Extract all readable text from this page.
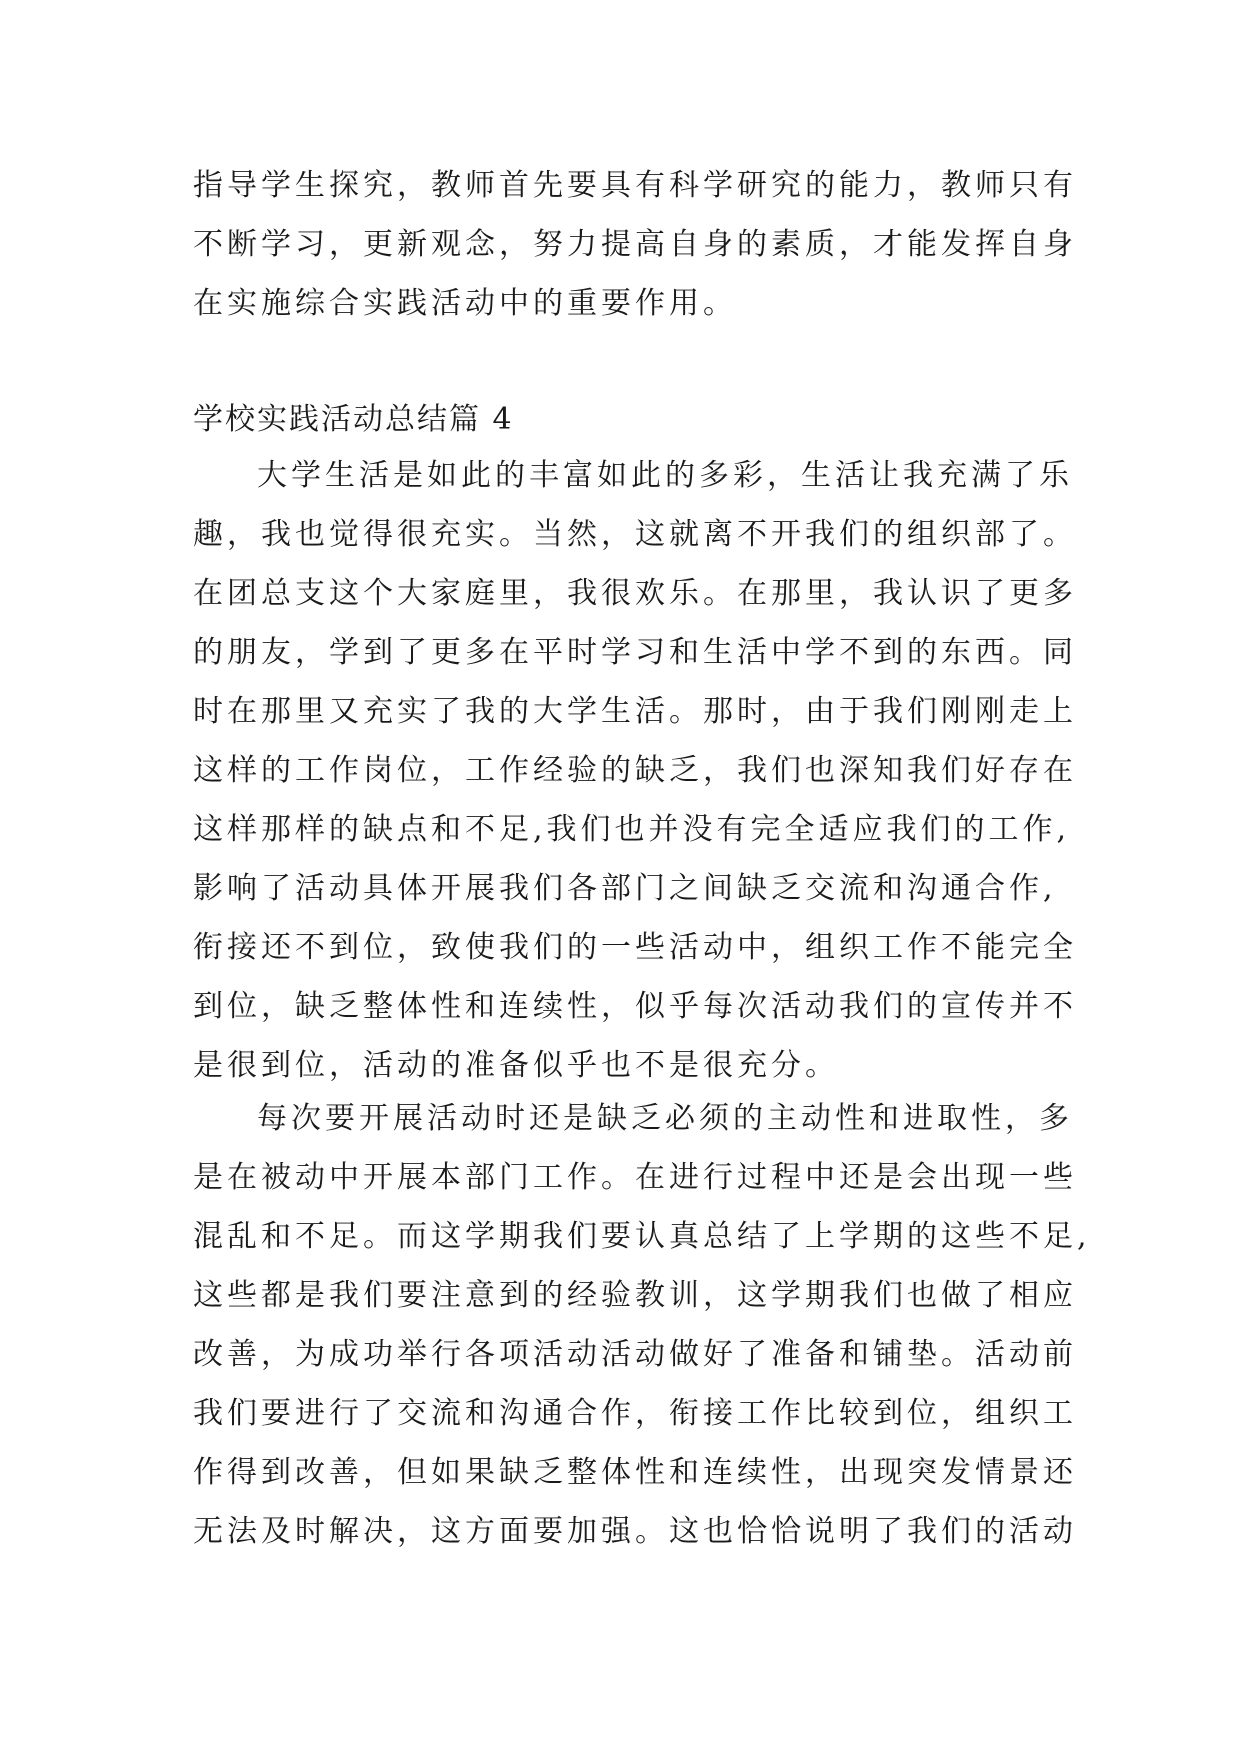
指导学生探究，教师首先要具有科学研究的能力，教师只有
不断学习，更新观念，努力提高自身的素质，才能发挥自身
在实施综合实践活动中的重要作用。
学校实践活动总结篇 4
大学生活是如此的丰富如此的多彩，生活让我充满了乐
趣，我也觉得很充实。当然，这就离不开我们的组织部了。
在团总支这个大家庭里，我很欢乐。在那里，我认识了更多
的朋友，学到了更多在平时学习和生活中学不到的东西。同
时在那里又充实了我的大学生活。那时，由于我们刚刚走上
这样的工作岗位，工作经验的缺乏，我们也深知我们好存在
这样那样的缺点和不足,我们也并没有完全适应我们的工作,
影响了活动具体开展我们各部门之间缺乏交流和沟通合作,
衔接还不到位，致使我们的一些活动中，组织工作不能完全
到位，缺乏整体性和连续性，似乎每次活动我们的宣传并不
是很到位，活动的准备似乎也不是很充分。
每次要开展活动时还是缺乏必须的主动性和进取性，多
是在被动中开展本部门工作。在进行过程中还是会出现一些
混乱和不足。而这学期我们要认真总结了上学期的这些不足,
这些都是我们要注意到的经验教训，这学期我们也做了相应
改善，为成功举行各项活动活动做好了准备和铺垫。活动前
我们要进行了交流和沟通合作，衔接工作比较到位，组织工
作得到改善，但如果缺乏整体性和连续性，出现突发情景还
无法及时解决，这方面要加强。这也恰恰说明了我们的活动
